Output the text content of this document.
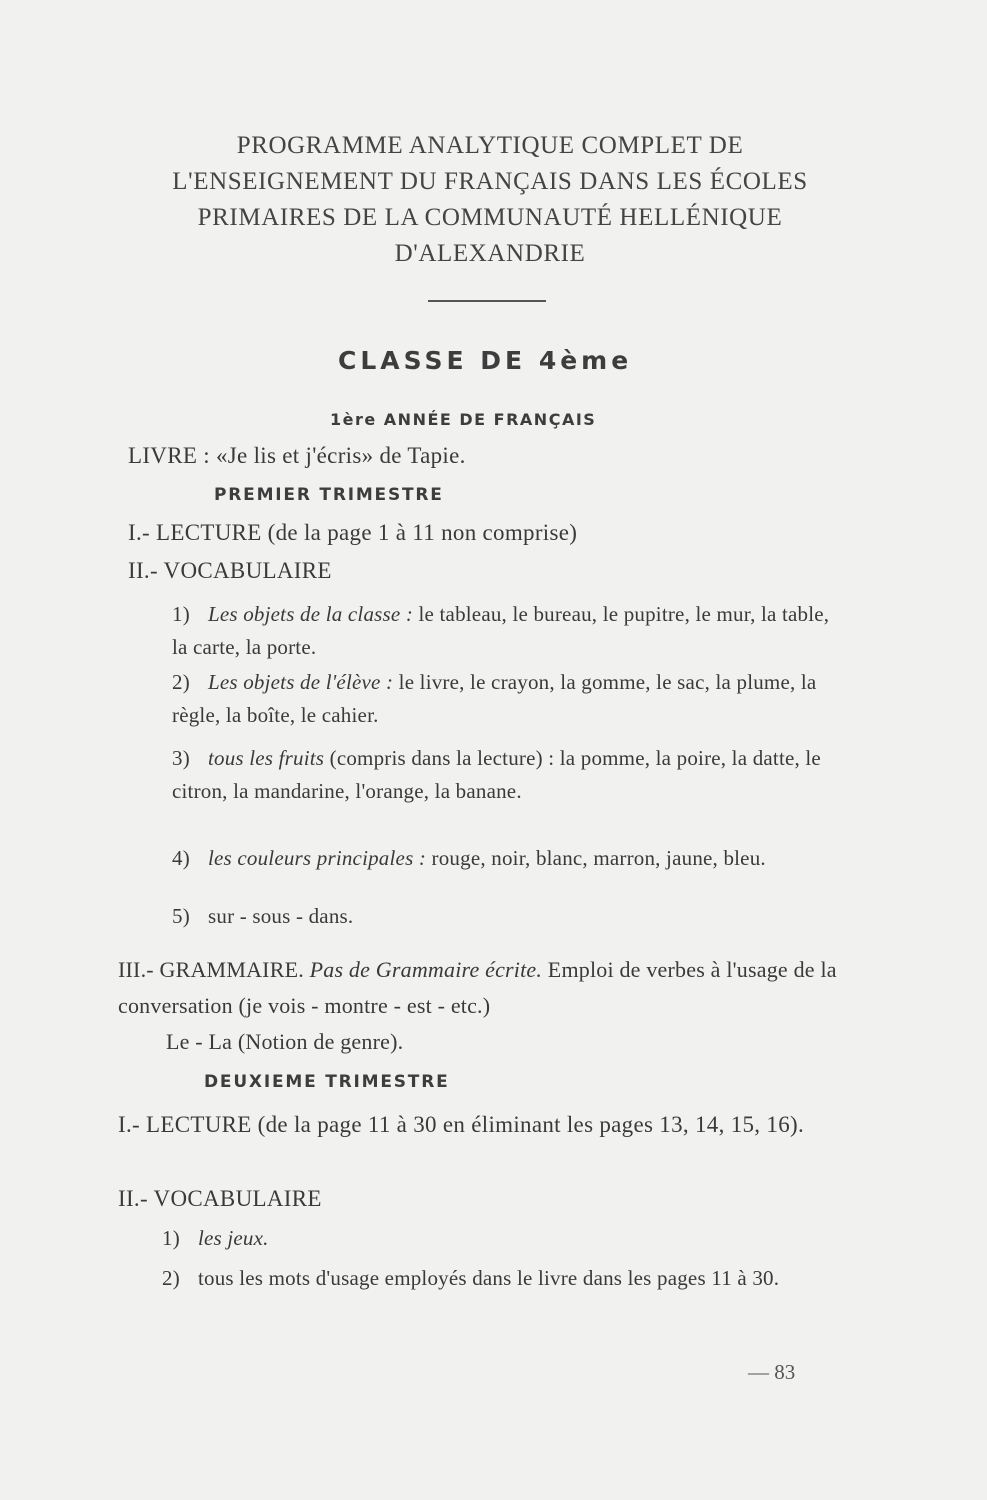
PROGRAMME ANALYTIQUE COMPLET DE
L'ENSEIGNEMENT DU FRANÇAIS DANS LES ÉCOLES
PRIMAIRES DE LA COMMUNAUTÉ HELLÉNIQUE
D'ALEXANDRIE
CLASSE DE 4ème
1ère ANNÉE DE FRANÇAIS
LIVRE : «Je lis et j'écris» de Tapie.
PREMIER TRIMESTRE
I.- LECTURE (de la page 1 à 11 non comprise)
II.- VOCABULAIRE
1) Les objets de la classe : le tableau, le bureau, le pupitre, le mur, la table, la carte, la porte.
2) Les objets de l'élève : le livre, le crayon, la gomme, le sac, la plume, la règle, la boîte, le cahier.
3) tous les fruits (compris dans la lecture) : la pomme, la poire, la datte, le citron, la mandarine, l'orange, la banane.
4) les couleurs principales : rouge, noir, blanc, marron, jaune, bleu.
5) sur - sous - dans.
III.- GRAMMAIRE. Pas de Grammaire écrite. Emploi de verbes à l'usage de la conversation (je vois - montre - est - etc.)
Le - La (Notion de genre).
DEUXIEME TRIMESTRE
I.- LECTURE (de la page 11 à 30 en éliminant les pages 13, 14, 15, 16).
II.- VOCABULAIRE
1) les jeux.
2) tous les mots d'usage employés dans le livre dans les pages 11 à 30.
— 83
